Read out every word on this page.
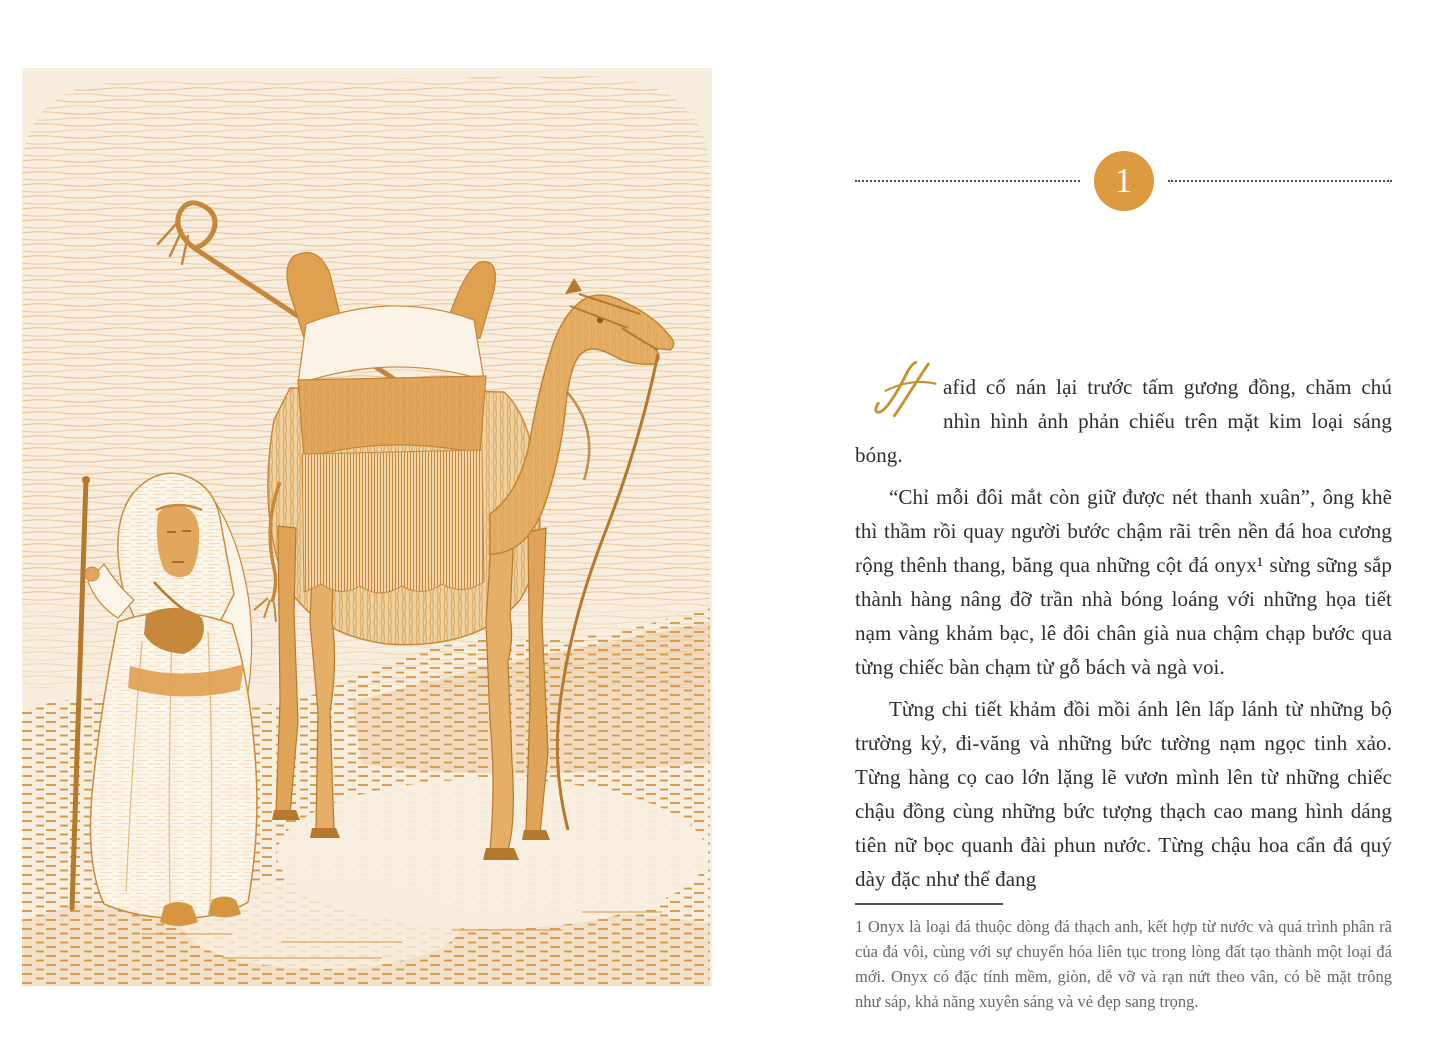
1

afid cố nán lại trước tấm gương đồng, chăm chú nhìn hình ảnh phản chiếu trên mặt kim loại sáng bóng.

“Chỉ mỗi đôi mắt còn giữ được nét thanh xuân”, ông khẽ thì thầm rồi quay người bước chậm rãi trên nền đá hoa cương rộng thênh thang, băng qua những cột đá onyx¹ sừng sững sắp thành hàng nâng đỡ trần nhà bóng loáng với những họa tiết nạm vàng khảm bạc, lê đôi chân già nua chậm chạp bước qua từng chiếc bàn chạm từ gỗ bách và ngà voi.

Từng chi tiết khảm đồi mồi ánh lên lấp lánh từ những bộ trường kỷ, đi-văng và những bức tường nạm ngọc tinh xảo. Từng hàng cọ cao lớn lặng lẽ vươn mình lên từ những chiếc chậu đồng cùng những bức tượng thạch cao mang hình dáng tiên nữ bọc quanh đài phun nước. Từng chậu hoa cẩn đá quý dày đặc như thể đang

1 Onyx là loại đá thuộc dòng đá thạch anh, kết hợp từ nước và quá trình phân rã của đá vôi, cùng với sự chuyển hóa liên tục trong lòng đất tạo thành một loại đá mới. Onyx có đặc tính mềm, giòn, dễ vỡ và rạn nứt theo vân, có bề mặt trông như sáp, khả năng xuyên sáng và vẻ đẹp sang trọng.
